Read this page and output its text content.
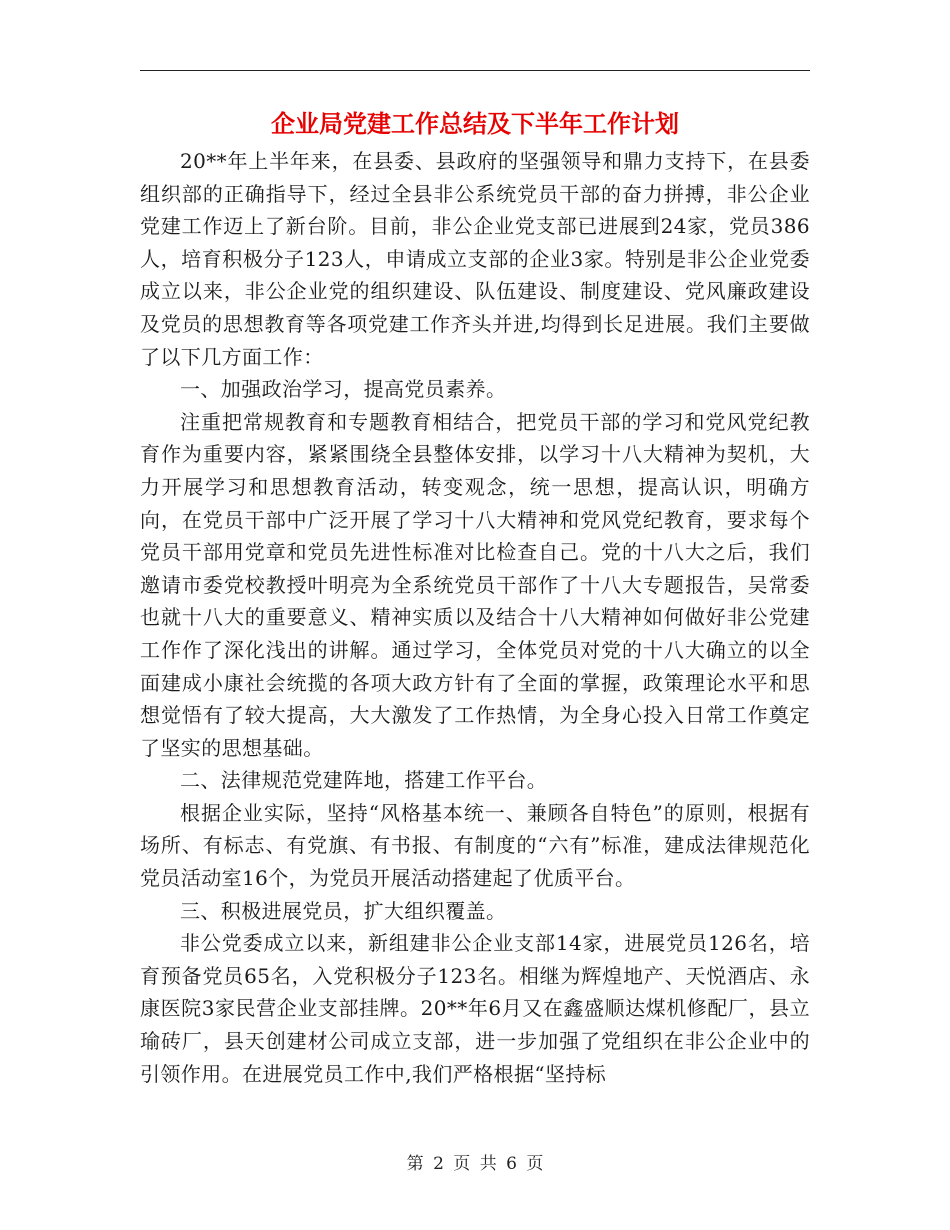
企业局党建工作总结及下半年工作计划

20**年上半年来，在县委、县政府的坚强领导和鼎力支持下，在县委组织部的正确指导下，经过全县非公系统党员干部的奋力拼搏，非公企业党建工作迈上了新台阶。目前，非公企业党支部已进展到24家，党员386人，培育积极分子123人，申请成立支部的企业3家。特别是非公企业党委成立以来，非公企业党的组织建设、队伍建设、制度建设、党风廉政建设及党员的思想教育等各项党建工作齐头并进,均得到长足进展。我们主要做了以下几方面工作：

一、加强政治学习，提高党员素养。

注重把常规教育和专题教育相结合，把党员干部的学习和党风党纪教育作为重要内容，紧紧围绕全县整体安排，以学习十八大精神为契机，大力开展学习和思想教育活动，转变观念，统一思想，提高认识，明确方向，在党员干部中广泛开展了学习十八大精神和党风党纪教育，要求每个党员干部用党章和党员先进性标准对比检查自己。党的十八大之后，我们邀请市委党校教授叶明亮为全系统党员干部作了十八大专题报告，吴常委也就十八大的重要意义、精神实质以及结合十八大精神如何做好非公党建工作作了深化浅出的讲解。通过学习，全体党员对党的十八大确立的以全面建成小康社会统揽的各项大政方针有了全面的掌握，政策理论水平和思想觉悟有了较大提高，大大激发了工作热情，为全身心投入日常工作奠定了坚实的思想基础。

二、法律规范党建阵地，搭建工作平台。

根据企业实际，坚持“风格基本统一、兼顾各自特色”的原则，根据有场所、有标志、有党旗、有书报、有制度的“六有”标准，建成法律规范化党员活动室16个，为党员开展活动搭建起了优质平台。

三、积极进展党员，扩大组织覆盖。

非公党委成立以来，新组建非公企业支部14家，进展党员126名，培育预备党员65名，入党积极分子123名。相继为辉煌地产、天悦酒店、永康医院3家民营企业支部挂牌。20**年6月又在鑫盛顺达煤机修配厂，县立瑜砖厂，县天创建材公司成立支部，进一步加强了党组织在非公企业中的引领作用。在进展党员工作中,我们严格根据“坚持标

第 2 页 共 6 页
